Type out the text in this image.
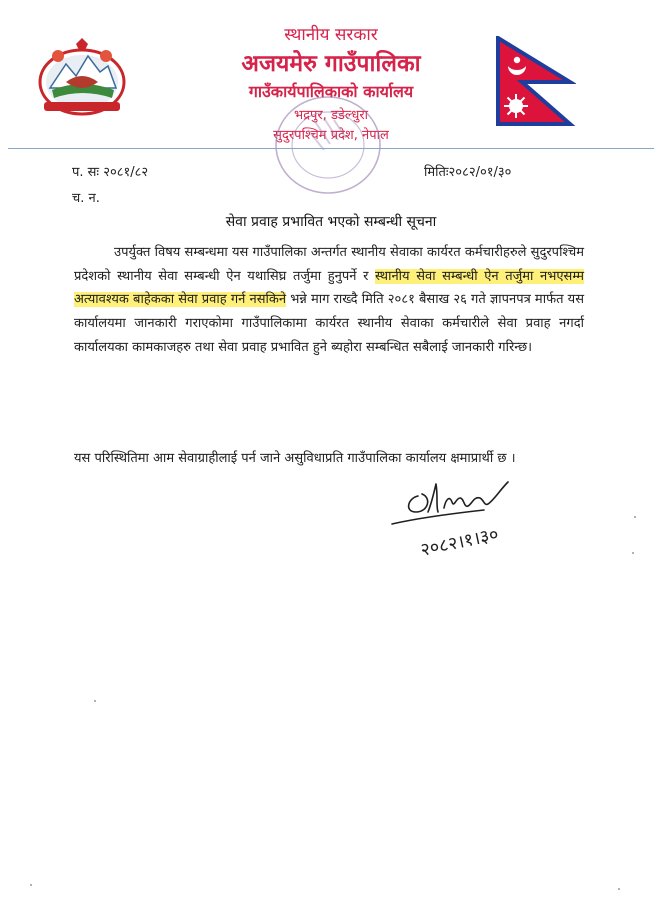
स्थानीय सरकार
अजयमेरु गाउँपालिका
गाउँकार्यपालिकाको कार्यालय
भद्रपुर, डडेल्धुरा
सुदुरपश्चिम प्रदेश, नेपाल
प. सः २०८१/८२	मितिः२०८२/०१/३०
च. न.
सेवा प्रवाह प्रभावित भएको सम्बन्धी सूचना
उपर्युक्त विषय सम्बन्धमा यस गाउँपालिका अन्तर्गत स्थानीय सेवाका कार्यरत कर्मचारीहरुले सुदुरपश्चिम प्रदेशको स्थानीय सेवा सम्बन्धी ऐन यथासिघ्र तर्जुमा हुनुपर्ने र स्थानीय सेवा सम्बन्धी ऐन तर्जुमा नभएसम्म अत्यावश्यक बाहेकका सेवा प्रवाह गर्न नसकिने भन्ने माग राख्दै मिति २०८१ बैसाख २६ गते ज्ञापनपत्र मार्फत यस कार्यालयमा जानकारी गराएकोमा गाउँपालिकामा कार्यरत स्थानीय सेवाका कर्मचारीले सेवा प्रवाह नगर्दा कार्यालयका कामकाजहरु तथा सेवा प्रवाह प्रभावित हुने ब्यहोरा सम्बन्धित सबैलाई जानकारी गरिन्छ।
यस परिस्थितिमा आम सेवाग्राहीलाई पर्न जाने असुविधाप्रति गाउँपालिका कार्यालय क्षमाप्रार्थी छ ।
२०८२।१।३०
